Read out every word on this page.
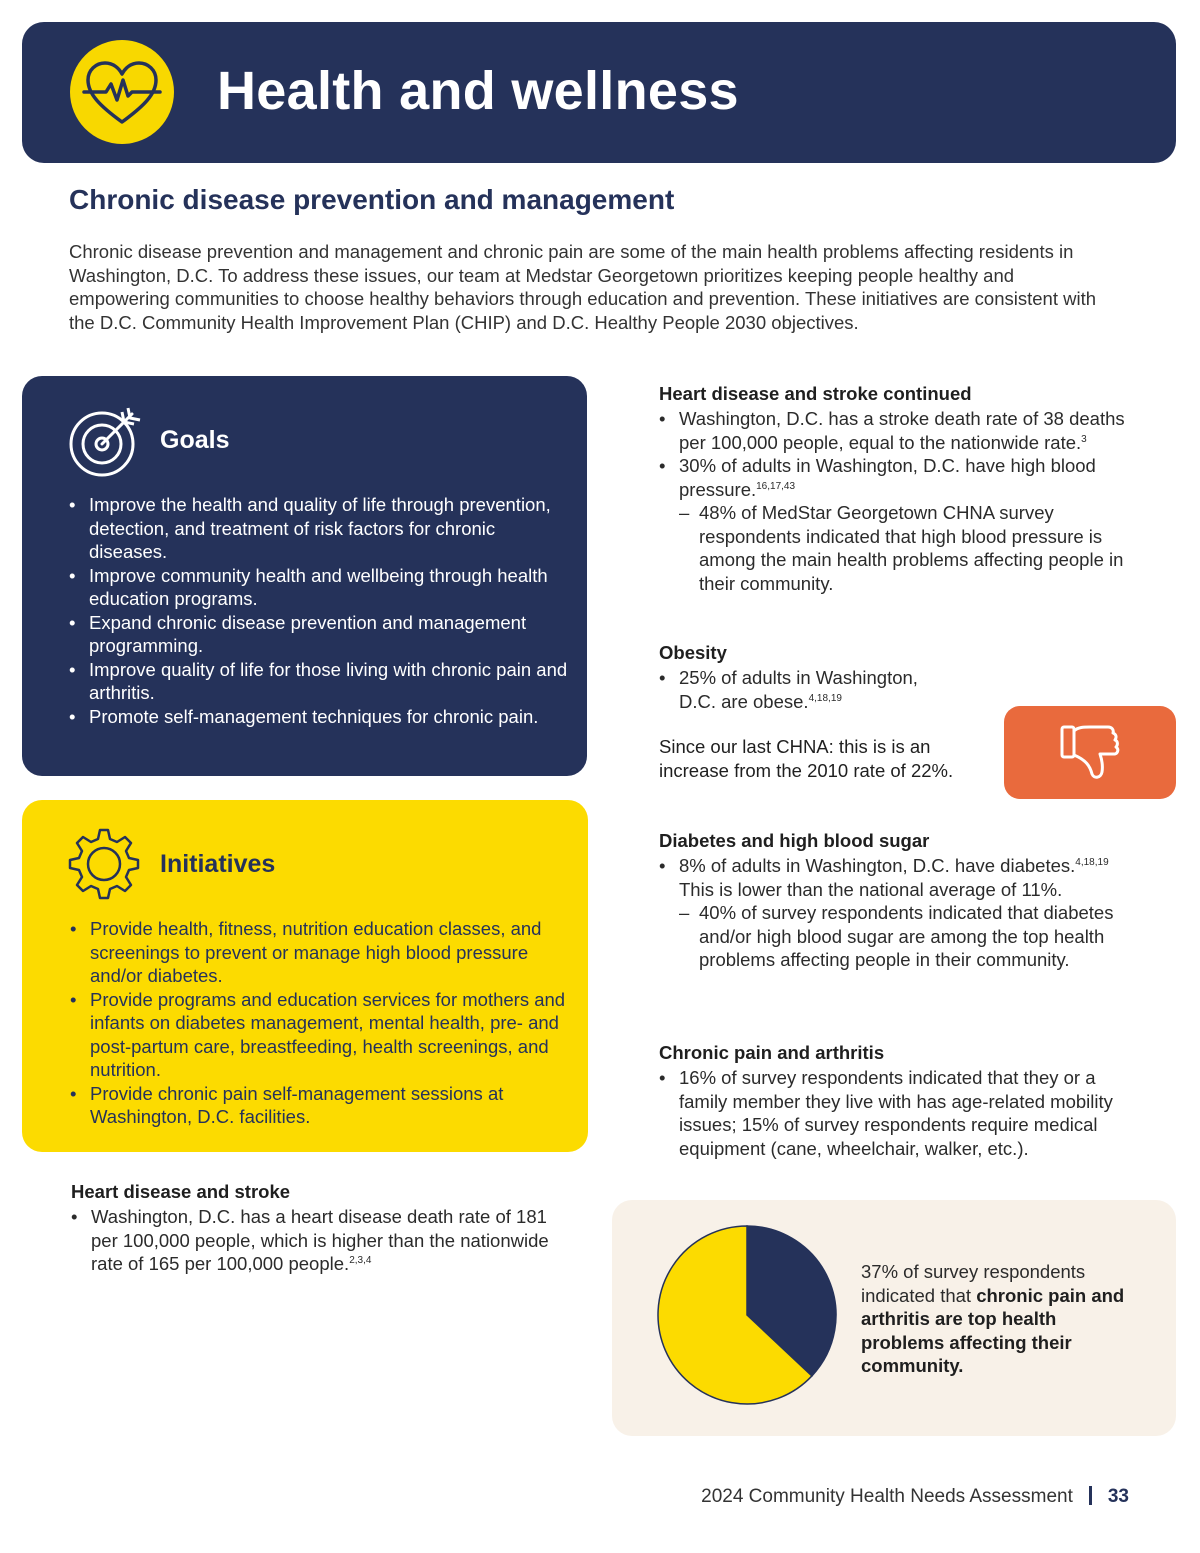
Health and wellness
Chronic disease prevention and management

Chronic disease prevention and management and chronic pain are some of the main health problems affecting residents in Washington, D.C. To address these issues, our team at Medstar Georgetown prioritizes keeping people healthy and empowering communities to choose healthy behaviors through education and prevention. These initiatives are consistent with the D.C. Community Health Improvement Plan (CHIP) and D.C. Healthy People 2030 objectives.

Goals
• Improve the health and quality of life through prevention, detection, and treatment of risk factors for chronic diseases.
• Improve community health and wellbeing through health education programs.
• Expand chronic disease prevention and management programming.
• Improve quality of life for those living with chronic pain and arthritis.
• Promote self-management techniques for chronic pain.
Initiatives
• Provide health, fitness, nutrition education classes, and screenings to prevent or manage high blood pressure and/or diabetes.
• Provide programs and education services for mothers and infants on diabetes management, mental health, pre- and post-partum care, breastfeeding, health screenings, and nutrition.
• Provide chronic pain self-management sessions at Washington, D.C. facilities.
Heart disease and stroke
• Washington, D.C. has a heart disease death rate of 181 per 100,000 people, which is higher than the nationwide rate of 165 per 100,000 people.$^{2,3,4}$
Heart disease and stroke continued
• Washington, D.C. has a stroke death rate of 38 deaths per 100,000 people, equal to the nationwide rate.$^3$
• 30% of adults in Washington, D.C. have high blood pressure.$^{16,17,43}$
– 48% of MedStar Georgetown CHNA survey respondents indicated that high blood pressure is among the main health problems affecting people in their community.
Obesity
• 25% of adults in Washington, D.C. are obese.$^{4,18,19}$

Since our last CHNA: this is is an increase from the 2010 rate of 22%.

Diabetes and high blood sugar
• 8% of adults in Washington, D.C. have diabetes.$^{4,18,19}$ This is lower than the national average of 11%.
– 40% of survey respondents indicated that diabetes and/or high blood sugar are among the top health problems affecting people in their community.
Chronic pain and arthritis
• 16% of survey respondents indicated that they or a family member they live with has age-related mobility issues; 15% of survey respondents require medical equipment (cane, wheelchair, walker, etc.).

37% of survey respondents indicated that chronic pain and arthritis are top health problems affecting their community.

2024 Community Health Needs Assessment 33
